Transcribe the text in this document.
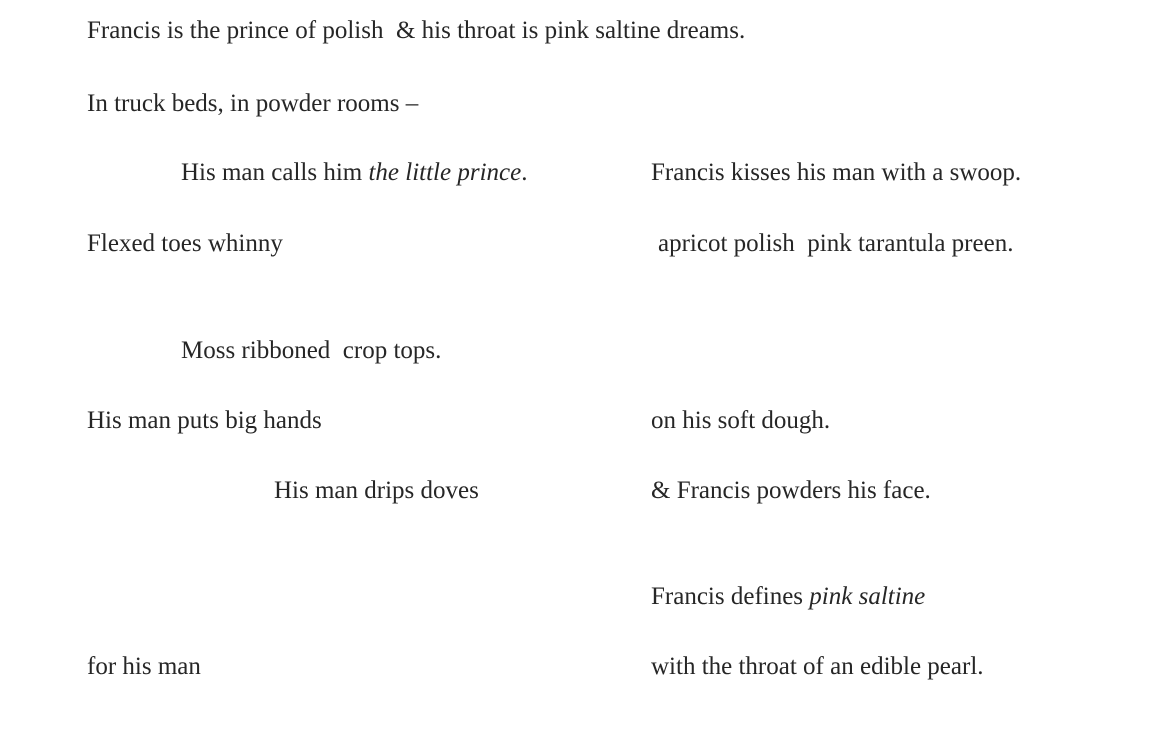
Francis is the prince of polish  & his throat is pink saltine dreams.
In truck beds, in powder rooms –
His man calls him the little prince.	Francis kisses his man with a swoop.
Flexed toes whinny	apricot polish  pink tarantula preen.
Moss ribboned  crop tops.
His man puts big hands	on his soft dough.
His man drips doves	& Francis powders his face.
Francis defines pink saltine
for his man	with the throat of an edible pearl.
